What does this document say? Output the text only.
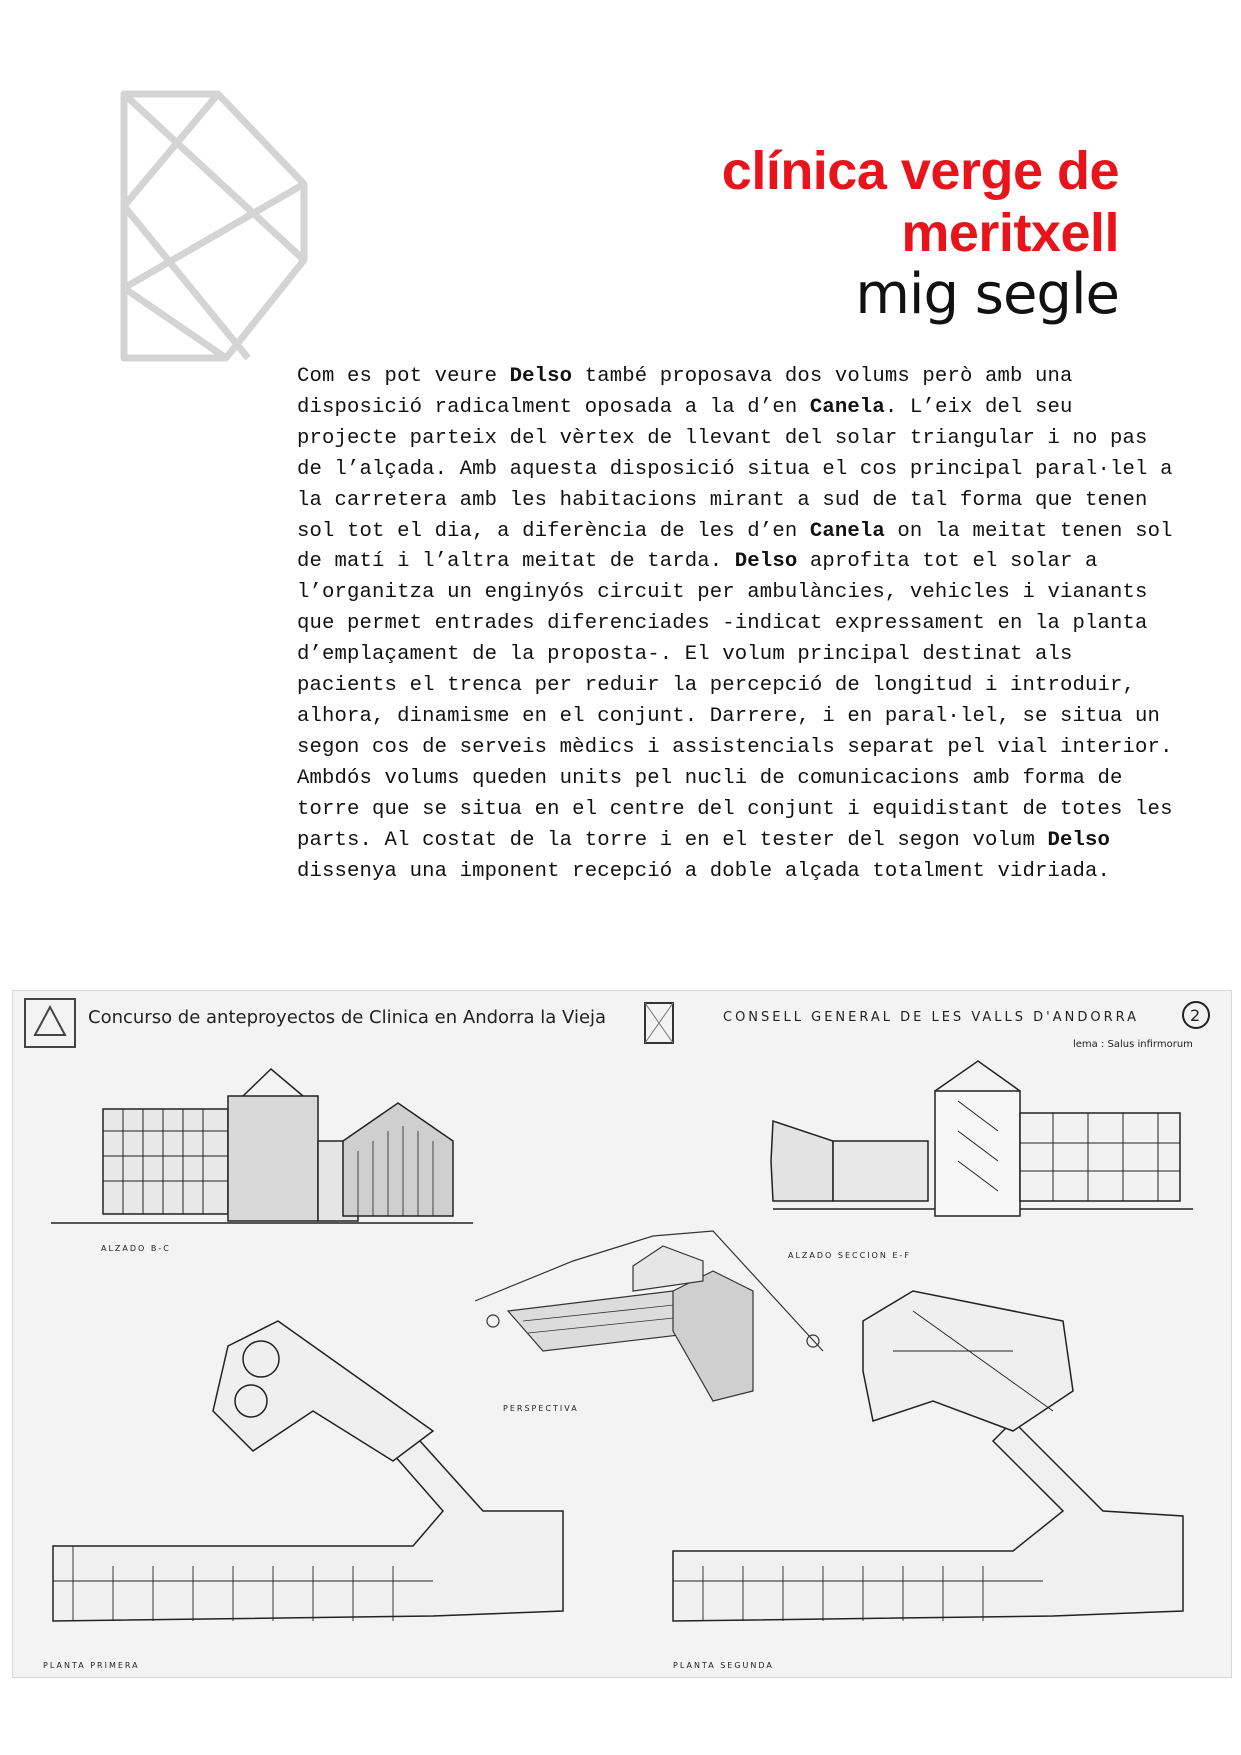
clínica verge de
meritxell
mig segle

Com es pot veure Delso també proposava dos volums però amb una disposició radicalment oposada a la d’en Canela. L’eix del seu projecte parteix del vèrtex de llevant del solar triangular i no pas de l’alçada. Amb aquesta disposició situa el cos principal paral·lel a la carretera amb les habitacions mirant a sud de tal forma que tenen sol tot el dia, a diferència de les d’en Canela on la meitat tenen sol de matí i l’altra meitat de tarda. Delso aprofita tot el solar a l’organitza un enginyós circuit per ambulàncies, vehicles i vianants que permet entrades diferenciades -indicat expressament en la planta d’emplaçament de la proposta-. El volum principal destinat als pacients el trenca per reduir la percepció de longitud i introduir, alhora, dinamisme en el conjunt. Darrere, i en paral·lel, se situa un segon cos de serveis mèdics i assistencials separat pel vial interior. Ambdós volums queden units pel nucli de comunicacions amb forma de torre que se situa en el centre del conjunt i equidistant de totes les parts. Al costat de la torre i en el tester del segon volum Delso dissenya una imponent recepció a doble alçada totalment vidriada.

Concurso de anteproyectos de Clinica en Andorra la Vieja	CONSELL GENERAL DE LES VALLS D'ANDORRA	2
lema : Salus infirmorum
ALZADO B-C
ALZADO SECCION E-F
PERSPECTIVA
PLANTA PRIMERA	PLANTA SEGUNDA
